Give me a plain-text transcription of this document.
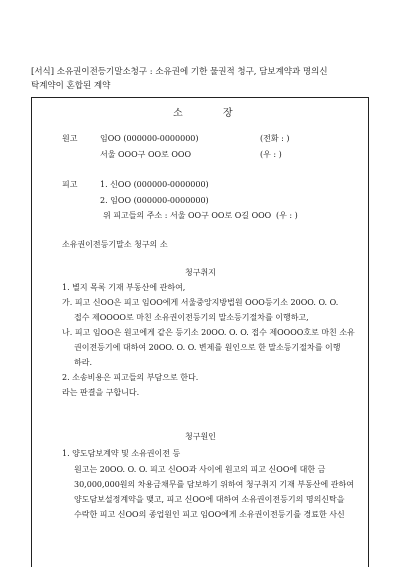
[서식] 소유권이전등기말소청구 : 소유권에 기한 물권적 청구, 담보계약과 명의신
탁계약이 혼합된 계약
소	장
원고	임OO (000000-0000000)	(전화 : )
서울 OOO구 OO로 OOO	(우 : )
피고	1. 신OO (000000-0000000)
2. 임OO (000000-0000000)
위 피고들의 주소 : 서울 OO구 OO로 O길 OOO (우 : )
소유권이전등기말소 청구의 소
청구취지
1. 별지 목록 기재 부동산에 관하여,
가. 피고 신OO은 피고 임OO에게 서울중앙지방법원 OOO등기소 20OO. O. O.
접수 제OOOO로 마친 소유권이전등기의 말소등기절차를 이행하고,
나. 피고 임OO은 원고에게 같은 등기소 20OO. O. O. 접수 제OOOO호로 마친 소유
권이전등기에 대하여 20OO. O. O. 변제를 원인으로 한 말소등기절차를 이행
하라.
2. 소송비용은 피고들의 부담으로 한다.
라는 판결을 구합니다.
청구원인
1. 양도담보계약 및 소유권이전 등
원고는 20OO. O. O. 피고 신OO과 사이에 원고의 피고 신OO에 대한 금
30,000,000원의 차용금채무를 담보하기 위하여 청구취지 기재 부동산에 관하여
양도담보설정계약을 맺고, 피고 신OO에 대하여 소유권이전등기의 명의신탁을
수락한 피고 신OO의 종업원인 피고 임OO에게 소유권이전등기를 경료한 사신
